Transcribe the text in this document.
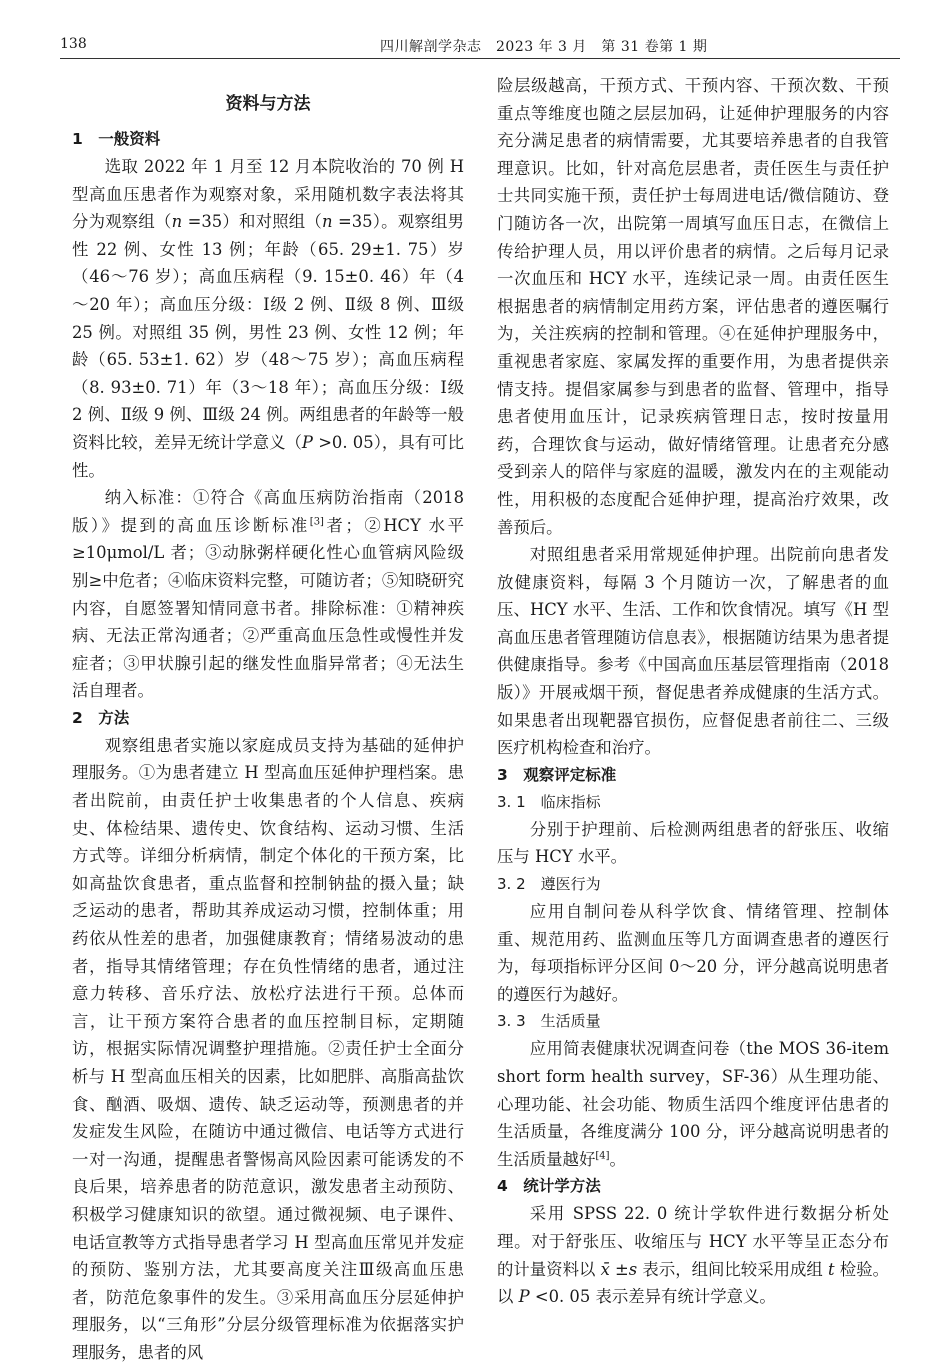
138	四川解剖学杂志　2023 年 3 月　第 31 卷第 1 期
资料与方法

1　一般资料

选取 2022 年 1 月至 12 月本院收治的 70 例 H 型高血压患者作为观察对象，采用随机数字表法将其分为观察组（n =35）和对照组（n =35）。观察组男性 22 例、女性 13 例；年龄（65. 29±1. 75）岁（46～76 岁）；高血压病程（9. 15±0. 46）年（4～20 年）；高血压分级：Ⅰ级 2 例、Ⅱ级 8 例、Ⅲ级 25 例。对照组 35 例，男性 23 例、女性 12 例；年龄（65. 53±1. 62）岁（48～75 岁）；高血压病程（8. 93±0. 71）年（3～18 年）；高血压分级：Ⅰ级 2 例、Ⅱ级 9 例、Ⅲ级 24 例。两组患者的年龄等一般资料比较，差异无统计学意义（P >0. 05），具有可比性。

纳入标准：①符合《高血压病防治指南（2018 版）》提到的高血压诊断标准[3]者；②HCY 水平≥10μmol/L 者；③动脉粥样硬化性心血管病风险级别≥中危者；④临床资料完整，可随访者；⑤知晓研究内容，自愿签署知情同意书者。排除标准：①精神疾病、无法正常沟通者；②严重高血压急性或慢性并发症者；③甲状腺引起的继发性血脂异常者；④无法生活自理者。

2　方法

观察组患者实施以家庭成员支持为基础的延伸护理服务。①为患者建立 H 型高血压延伸护理档案。患者出院前，由责任护士收集患者的个人信息、疾病史、体检结果、遗传史、饮食结构、运动习惯、生活方式等。详细分析病情，制定个体化的干预方案，比如高盐饮食患者，重点监督和控制钠盐的摄入量；缺乏运动的患者，帮助其养成运动习惯，控制体重；用药依从性差的患者，加强健康教育；情绪易波动的患者，指导其情绪管理；存在负性情绪的患者，通过注意力转移、音乐疗法、放松疗法进行干预。总体而言，让干预方案符合患者的血压控制目标，定期随访，根据实际情况调整护理措施。②责任护士全面分析与 H 型高血压相关的因素，比如肥胖、高脂高盐饮食、酗酒、吸烟、遗传、缺乏运动等，预测患者的并发症发生风险，在随访中通过微信、电话等方式进行一对一沟通，提醒患者警惕高风险因素可能诱发的不良后果，培养患者的防范意识，激发患者主动预防、积极学习健康知识的欲望。通过微视频、电子课件、电话宣教等方式指导患者学习 H 型高血压常见并发症的预防、鉴别方法，尤其要高度关注Ⅲ级高血压患者，防范危象事件的发生。③采用高血压分层延伸护理服务，以“三角形”分层分级管理标准为依据落实护理服务，患者的风

险层级越高，干预方式、干预内容、干预次数、干预重点等维度也随之层层加码，让延伸护理服务的内容充分满足患者的病情需要，尤其要培养患者的自我管理意识。比如，针对高危层患者，责任医生与责任护士共同实施干预，责任护士每周进电话/微信随访、登门随访各一次，出院第一周填写血压日志，在微信上传给护理人员，用以评价患者的病情。之后每月记录一次血压和 HCY 水平，连续记录一周。由责任医生根据患者的病情制定用药方案，评估患者的遵医嘱行为，关注疾病的控制和管理。④在延伸护理服务中，重视患者家庭、家属发挥的重要作用，为患者提供亲情支持。提倡家属参与到患者的监督、管理中，指导患者使用血压计，记录疾病管理日志，按时按量用药，合理饮食与运动，做好情绪管理。让患者充分感受到亲人的陪伴与家庭的温暖，激发内在的主观能动性，用积极的态度配合延伸护理，提高治疗效果，改善预后。

对照组患者采用常规延伸护理。出院前向患者发放健康资料，每隔 3 个月随访一次，了解患者的血压、HCY 水平、生活、工作和饮食情况。填写《H 型高血压患者管理随访信息表》，根据随访结果为患者提供健康指导。参考《中国高血压基层管理指南（2018 版）》开展戒烟干预，督促患者养成健康的生活方式。如果患者出现靶器官损伤，应督促患者前往二、三级医疗机构检查和治疗。

3　观察评定标准

3. 1　临床指标

分别于护理前、后检测两组患者的舒张压、收缩压与 HCY 水平。

3. 2　遵医行为

应用自制问卷从科学饮食、情绪管理、控制体重、规范用药、监测血压等几方面调查患者的遵医行为，每项指标评分区间 0～20 分，评分越高说明患者的遵医行为越好。

3. 3　生活质量

应用简表健康状况调查问卷（the MOS 36-item short form health survey，SF-36）从生理功能、心理功能、社会功能、物质生活四个维度评估患者的生活质量，各维度满分 100 分，评分越高说明患者的生活质量越好[4]。

4　统计学方法

采用 SPSS 22. 0 统计学软件进行数据分析处理。对于舒张压、收缩压与 HCY 水平等呈正态分布的计量资料以 x̄ ±s 表示，组间比较采用成组 t 检验。以 P <0. 05 表示差异有统计学意义。
